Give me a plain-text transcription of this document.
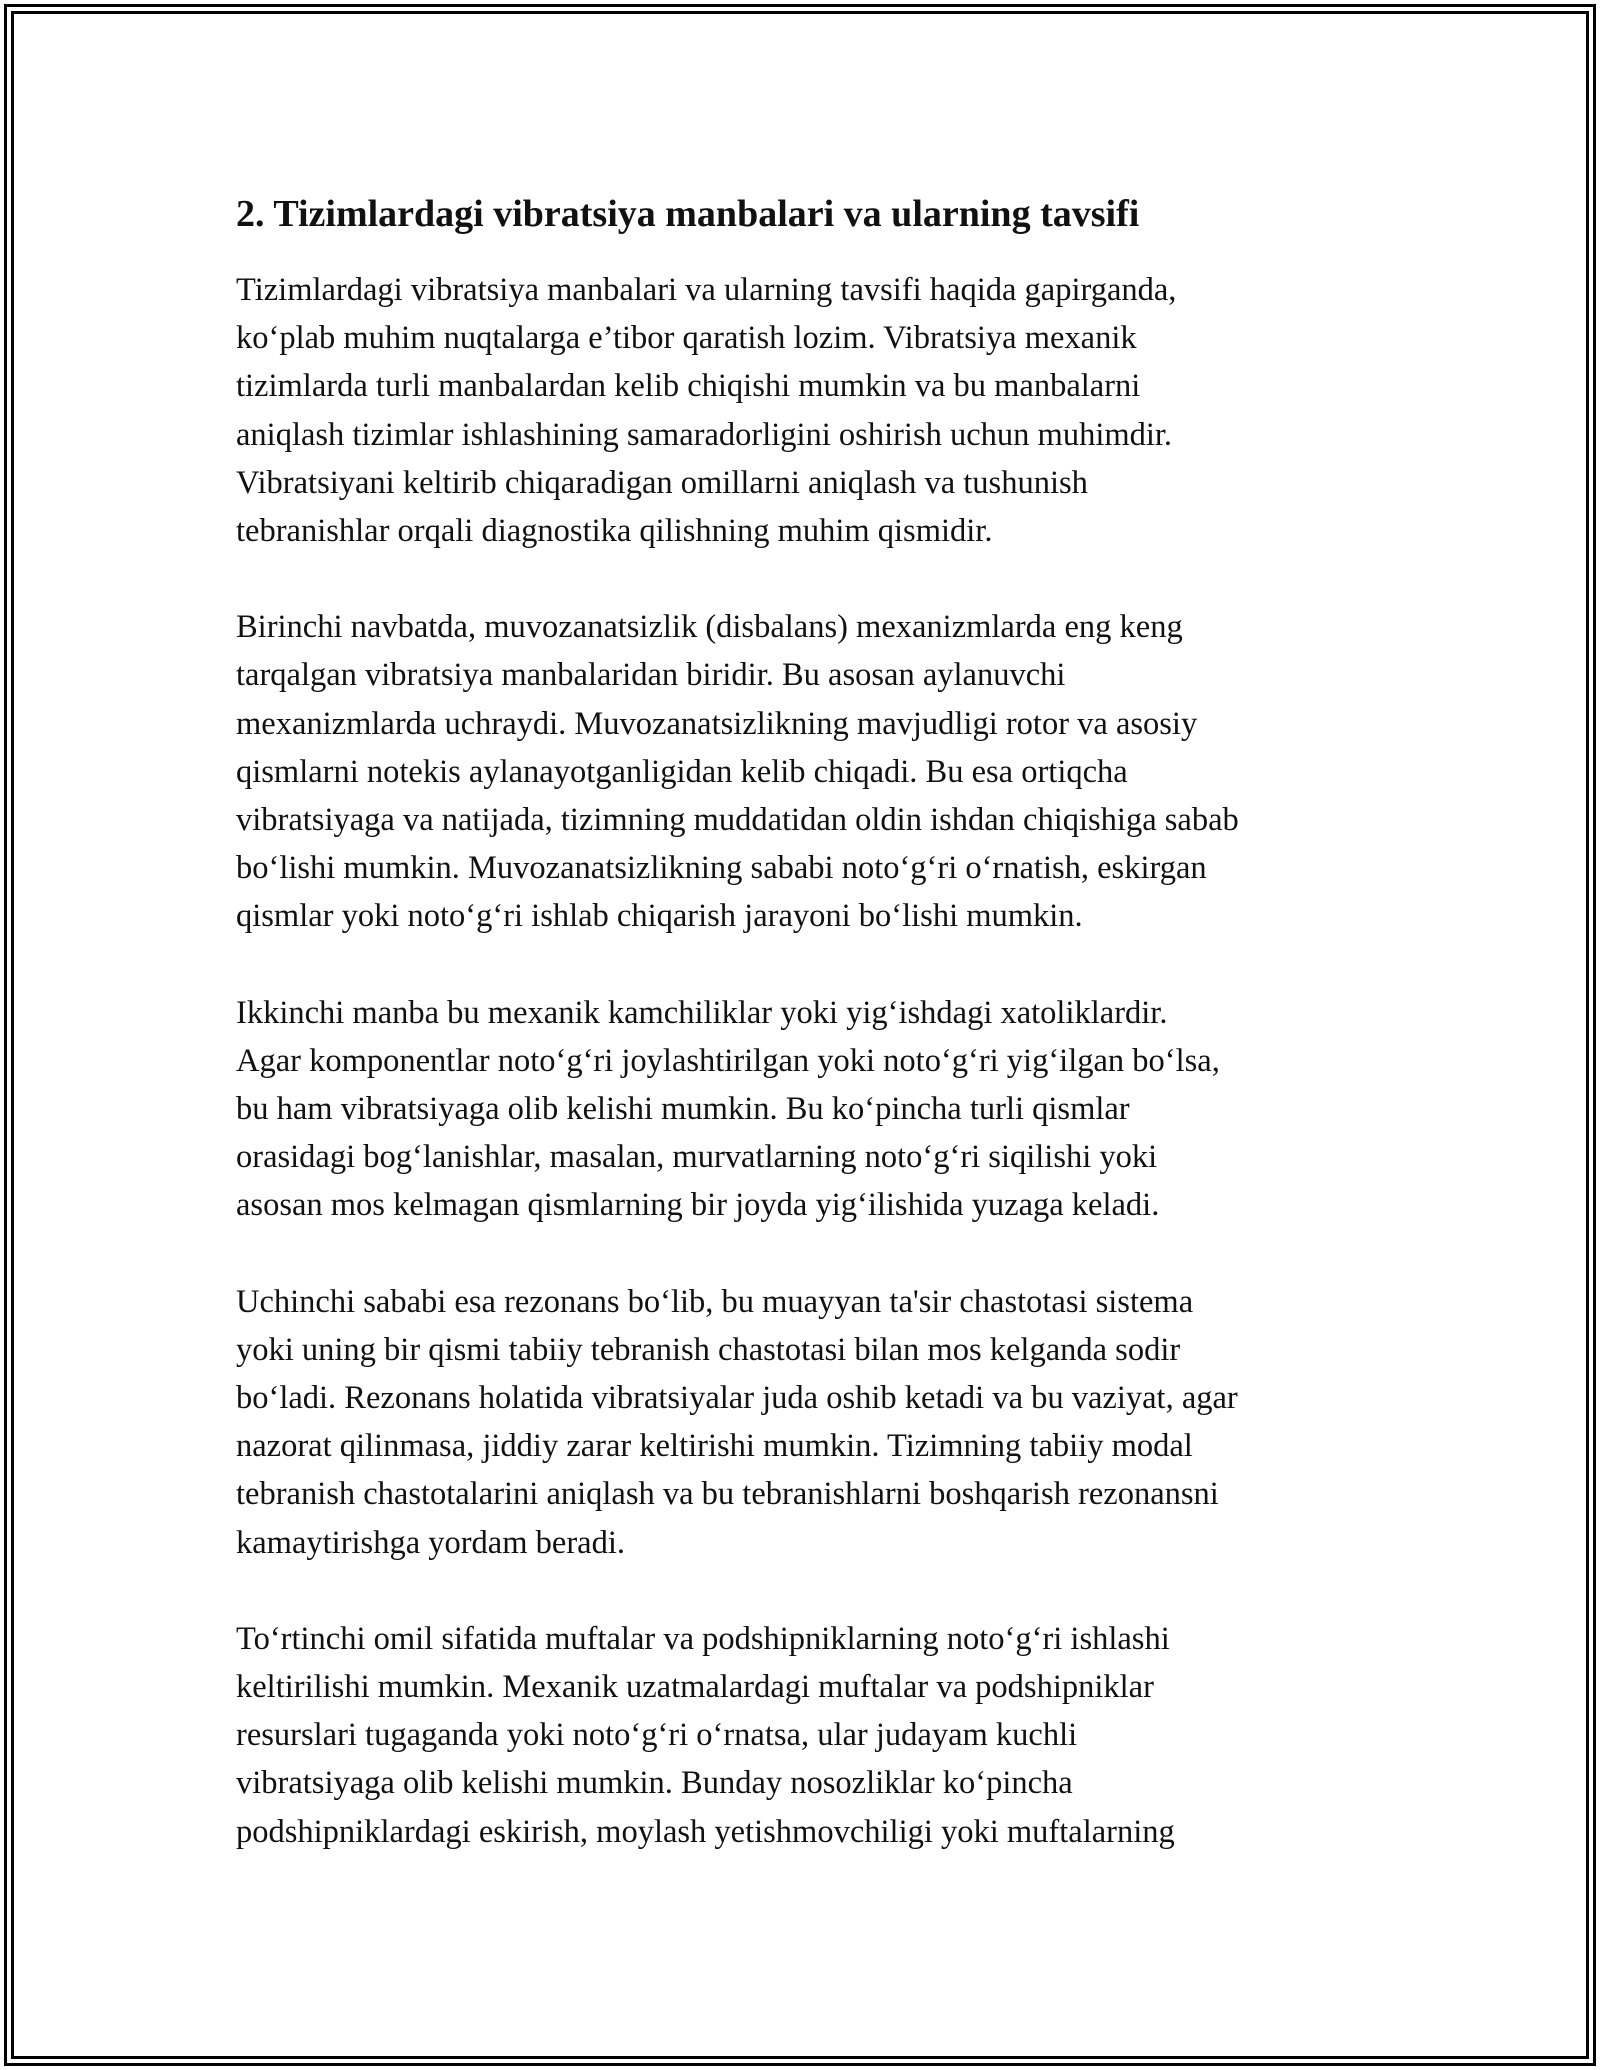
2. Tizimlardagi vibratsiya manbalari va ularning tavsifi

Tizimlardagi vibratsiya manbalari va ularning tavsifi haqida gapirganda,
koʻplab muhim nuqtalarga e’tibor qaratish lozim. Vibratsiya mexanik
tizimlarda turli manbalardan kelib chiqishi mumkin va bu manbalarni
aniqlash tizimlar ishlashining samaradorligini oshirish uchun muhimdir.
Vibratsiyani keltirib chiqaradigan omillarni aniqlash va tushunish
tebranishlar orqali diagnostika qilishning muhim qismidir.

Birinchi navbatda, muvozanatsizlik (disbalans) mexanizmlarda eng keng
tarqalgan vibratsiya manbalaridan biridir. Bu asosan aylanuvchi
mexanizmlarda uchraydi. Muvozanatsizlikning mavjudligi rotor va asosiy
qismlarni notekis aylanayotganligidan kelib chiqadi. Bu esa ortiqcha
vibratsiyaga va natijada, tizimning muddatidan oldin ishdan chiqishiga sabab
boʻlishi mumkin. Muvozanatsizlikning sababi notoʻgʻri oʻrnatish, eskirgan
qismlar yoki notoʻgʻri ishlab chiqarish jarayoni boʻlishi mumkin.

Ikkinchi manba bu mexanik kamchiliklar yoki yigʻishdagi xatoliklardir.
Agar komponentlar notoʻgʻri joylashtirilgan yoki notoʻgʻri yigʻilgan boʻlsa,
bu ham vibratsiyaga olib kelishi mumkin. Bu koʻpincha turli qismlar
orasidagi bogʻlanishlar, masalan, murvatlarning notoʻgʻri siqilishi yoki
asosan mos kelmagan qismlarning bir joyda yigʻilishida yuzaga keladi.

Uchinchi sababi esa rezonans boʻlib, bu muayyan ta'sir chastotasi sistema
yoki uning bir qismi tabiiy tebranish chastotasi bilan mos kelganda sodir
boʻladi. Rezonans holatida vibratsiyalar juda oshib ketadi va bu vaziyat, agar
nazorat qilinmasa, jiddiy zarar keltirishi mumkin. Tizimning tabiiy modal
tebranish chastotalarini aniqlash va bu tebranishlarni boshqarish rezonansni
kamaytirishga yordam beradi.

Toʻrtinchi omil sifatida muftalar va podshipniklarning notoʻgʻri ishlashi
keltirilishi mumkin. Mexanik uzatmalardagi muftalar va podshipniklar
resurslari tugaganda yoki notoʻgʻri oʻrnatsa, ular judayam kuchli
vibratsiyaga olib kelishi mumkin. Bunday nosozliklar koʻpincha
podshipniklardagi eskirish, moylash yetishmovchiligi yoki muftalarning
